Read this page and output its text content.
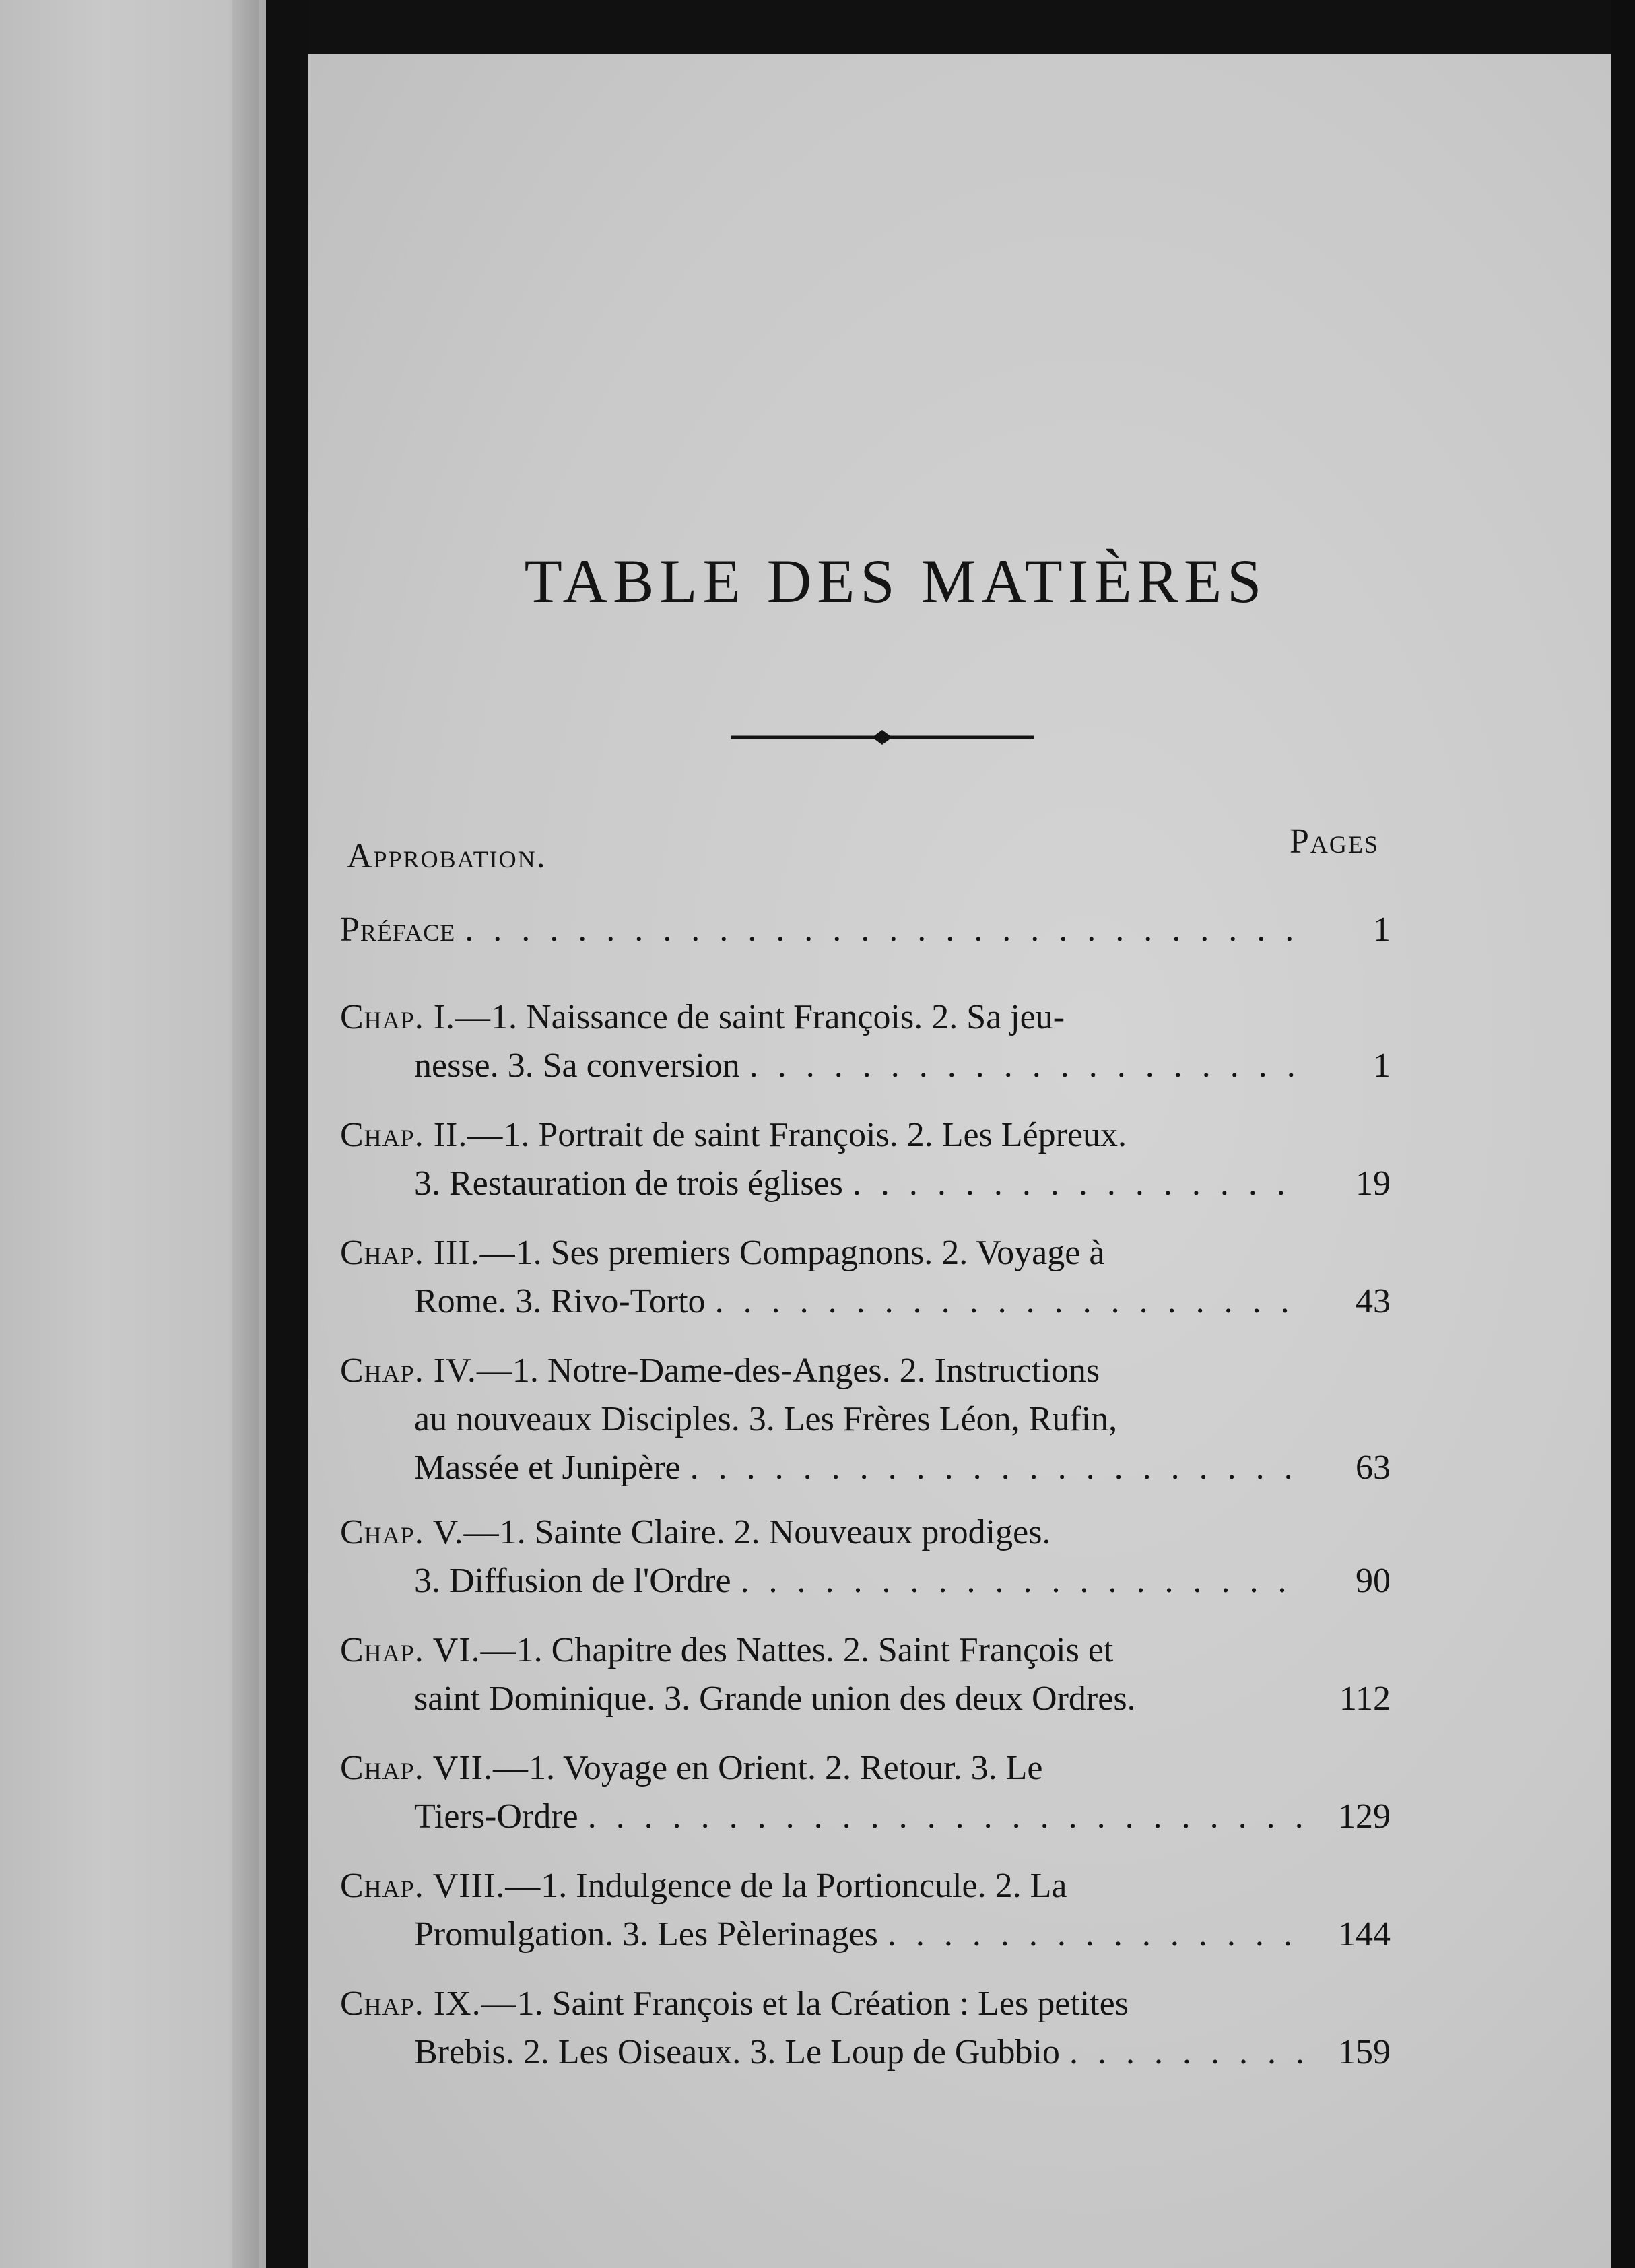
TABLE DES MATIÈRES
Pages
Approbation.
Préface . . .	1
Chap. I.—1. Naissance de saint François. 2. Sa jeu-
nesse. 3. Sa conversion . . .	1
Chap. II.—1. Portrait de saint François. 2. Les Lépreux.
3. Restauration de trois églises . . .	19
Chap. III.—1. Ses premiers Compagnons. 2. Voyage à
Rome. 3. Rivo-Torto . . .	43
Chap. IV.—1. Notre-Dame-des-Anges. 2. Instructions
au nouveaux Disciples. 3. Les Frères Léon, Rufin,
Massée et Junipère . . .	63
Chap. V.—1. Sainte Claire. 2. Nouveaux prodiges.
3. Diffusion de l'Ordre . . .	90
Chap. VI.—1. Chapitre des Nattes. 2. Saint François et
saint Dominique. 3. Grande union des deux Ordres.	112
Chap. VII.—1. Voyage en Orient. 2. Retour. 3. Le
Tiers-Ordre . . .	129
Chap. VIII.—1. Indulgence de la Portioncule. 2. La
Promulgation. 3. Les Pèlerinages . . .	144
Chap. IX.—1. Saint François et la Création : Les petites
Brebis. 2. Les Oiseaux. 3. Le Loup de Gubbio . . .	159
